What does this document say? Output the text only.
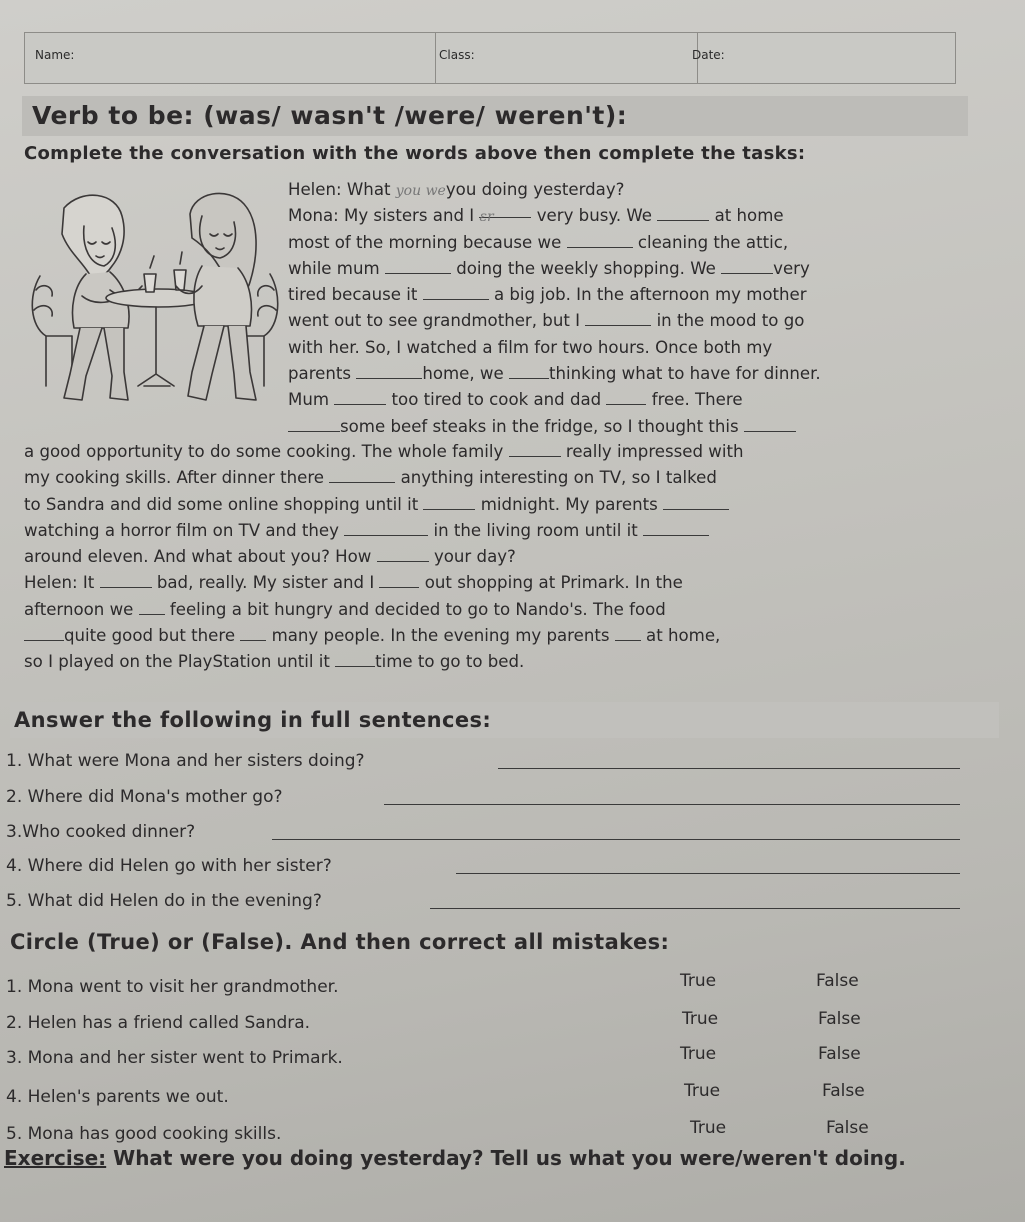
Name:	Class:	Date:
Verb to be: (was/ wasn't /were/ weren't):
Complete the conversation with the words above then complete the tasks:
Helen: What you weyou doing yesterday?
Mona: My sisters and I ɛr very busy. We	at home
most of the morning because we	cleaning the attic,
while mum	doing the weekly shopping. We	very
tired because it	a big job. In the afternoon my mother
went out to see grandmother, but I	in the mood to go
with her. So, I watched a film for two hours. Once both my
parents	home, we thinking what to have for dinner.
Mum	too tired to cook and dad  free. There
some beef steaks in the fridge, so I thought this
a good opportunity to do some cooking. The whole family	really impressed with
my cooking skills. After dinner there	anything interesting on TV, so I talked
to Sandra and did some online shopping until it	midnight. My parents
watching a horror film on TV and they	in the living room until it
around eleven. And what about you? How	your day?
Helen: It	bad, really. My sister and I  out shopping at Primark. In the
afternoon we  feeling a bit hungry and decided to go to Nando's. The food
quite good but there  many people. In the evening my parents  at home,
so I played on the PlayStation until it time to go to bed.
Answer the following in full sentences:
1. What were Mona and her sisters doing?
2. Where did Mona's mother go?
3.Who cooked dinner?
4. Where did Helen go with her sister?
5. What did Helen do in the evening?
Circle (True) or (False). And then correct all mistakes:
1. Mona went to visit her grandmother.	True	False
2. Helen has a friend called Sandra.	True	False
3. Mona and her sister went to Primark.	True	False
4. Helen's parents we out.	True	False
5. Mona has good cooking skills.	True	False
Exercise: What were you doing yesterday? Tell us what you were/weren't doing.
